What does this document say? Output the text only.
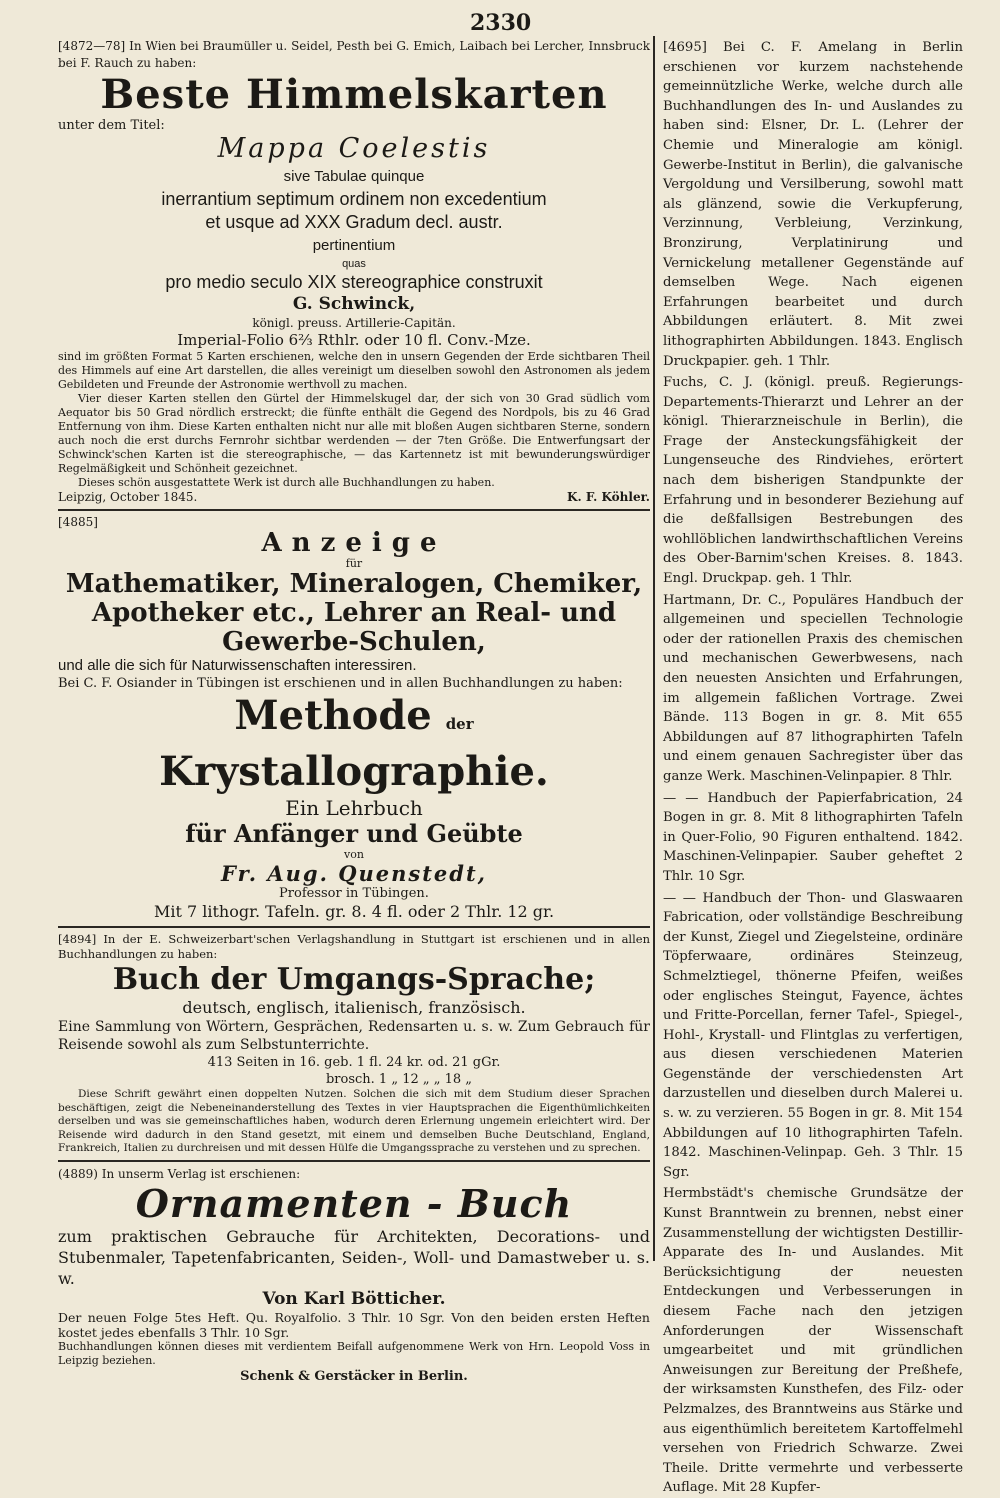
2330

[4872—78] In Wien bei Braumüller u. Seidel, Pesth bei G. Emich, Laibach bei Lercher, Innsbruck bei F. Rauch zu haben:

Beste Himmelskarten

unter dem Titel:

Mappa Coelestis
sive Tabulae quinque
inerrantium septimum ordinem non excedentium
et usque ad XXX Gradum decl. austr.
pertinentium
quas
pro medio seculo XIX stereographice construxit
G. Schwinck,
königl. preuss. Artillerie-Capitän.
Imperial-Folio 6⅔ Rthlr. oder 10 fl. Conv.-Mze.

sind im größten Format 5 Karten erschienen, welche den in unsern Gegenden der Erde sichtbaren Theil des Himmels auf eine Art darstellen, die alles vereinigt um dieselben sowohl den Astronomen als jedem Gebildeten und Freunde der Astronomie werthvoll zu machen.

Vier dieser Karten stellen den Gürtel der Himmelskugel dar, der sich von 30 Grad südlich vom Aequator bis 50 Grad nördlich erstreckt; die fünfte enthält die Gegend des Nordpols, bis zu 46 Grad Entfernung von ihm. Diese Karten enthalten nicht nur alle mit bloßen Augen sichtbaren Sterne, sondern auch noch die erst durchs Fernrohr sichtbar werdenden — der 7ten Größe. Die Entwerfungsart der Schwinck'schen Karten ist die stereographische, — das Kartennetz ist mit bewunderungswürdiger Regelmäßigkeit und Schönheit gezeichnet.

Dieses schön ausgestattete Werk ist durch alle Buchhandlungen zu haben.

Leipzig, October 1845.	K. F. Köhler.
[4885]
Anzeige
für
Mathematiker, Mineralogen, Chemiker,
Apotheker etc., Lehrer an Real- und
Gewerbe-Schulen,
und alle die sich für Naturwissenschaften interessiren.

Bei C. F. Osiander in Tübingen ist erschienen und in allen Buchhandlungen zu haben:

Methode der Krystallographie.
Ein Lehrbuch
für Anfänger und Geübte
von
Fr. Aug. Quenstedt,
Professor in Tübingen.
Mit 7 lithogr. Tafeln. gr. 8. 4 fl. oder 2 Thlr. 12 gr.

[4894] In der E. Schweizerbart'schen Verlagshandlung in Stuttgart ist erschienen und in allen Buchhandlungen zu haben:

Buch der Umgangs-Sprache;
deutsch, englisch, italienisch, französisch.

Eine Sammlung von Wörtern, Gesprächen, Redensarten u. s. w. Zum Gebrauch für Reisende sowohl als zum Selbstunterrichte.

413 Seiten in 16. geb. 1 fl. 24 kr. od. 21 gGr.
brosch. 1 „ 12 „ „ 18 „

Diese Schrift gewährt einen doppelten Nutzen. Solchen die sich mit dem Studium dieser Sprachen beschäftigen, zeigt die Nebeneinanderstellung des Textes in vier Hauptsprachen die Eigenthümlichkeiten derselben und was sie gemeinschaftliches haben, wodurch deren Erlernung ungemein erleichtert wird. Der Reisende wird dadurch in den Stand gesetzt, mit einem und demselben Buche Deutschland, England, Frankreich, Italien zu durchreisen und mit dessen Hülfe die Umgangssprache zu verstehen und zu sprechen.

(4889) In unserm Verlag ist erschienen:

Ornamenten - Buch

zum praktischen Gebrauche für Architekten, Decorations- und Stubenmaler, Tapetenfabricanten, Seiden-, Woll- und Damastweber u. s. w.

Von Karl Bötticher.

Der neuen Folge 5tes Heft. Qu. Royalfolio. 3 Thlr. 10 Sgr. Von den beiden ersten Heften kostet jedes ebenfalls 3 Thlr. 10 Sgr.

Buchhandlungen können dieses mit verdientem Beifall aufgenommene Werk von Hrn. Leopold Voss in Leipzig beziehen.

Schenk & Gerstäcker in Berlin.

[4695] Bei C. F. Amelang in Berlin erschienen vor kurzem nachstehende gemeinnützliche Werke, welche durch alle Buchhandlungen des In- und Auslandes zu haben sind: Elsner, Dr. L. (Lehrer der Chemie und Mineralogie am königl. Gewerbe-Institut in Berlin), die galvanische Vergoldung und Versilberung, sowohl matt als glänzend, sowie die Verkupferung, Verzinnung, Verbleiung, Verzinkung, Bronzirung, Verplatinirung und Vernickelung metallener Gegenstände auf demselben Wege. Nach eigenen Erfahrungen bearbeitet und durch Abbildungen erläutert. 8. Mit zwei lithographirten Abbildungen. 1843. Englisch Druckpapier. geh. 1 Thlr.

Fuchs, C. J. (königl. preuß. Regierungs-Departements-Thierarzt und Lehrer an der königl. Thierarzneischule in Berlin), die Frage der Ansteckungsfähigkeit der Lungenseuche des Rindviehes, erörtert nach dem bisherigen Standpunkte der Erfahrung und in besonderer Beziehung auf die deßfallsigen Bestrebungen des wohllöblichen landwirthschaftlichen Vereins des Ober-Barnim'schen Kreises. 8. 1843. Engl. Druckpap. geh. 1 Thlr.

Hartmann, Dr. C., Populäres Handbuch der allgemeinen und speciellen Technologie oder der rationellen Praxis des chemischen und mechanischen Gewerbwesens, nach den neuesten Ansichten und Erfahrungen, im allgemein faßlichen Vortrage. Zwei Bände. 113 Bogen in gr. 8. Mit 655 Abbildungen auf 87 lithographirten Tafeln und einem genauen Sachregister über das ganze Werk. Maschinen-Velinpapier. 8 Thlr.

— — Handbuch der Papierfabrication, 24 Bogen in gr. 8. Mit 8 lithographirten Tafeln in Quer-Folio, 90 Figuren enthaltend. 1842. Maschinen-Velinpapier. Sauber geheftet 2 Thlr. 10 Sgr.

— — Handbuch der Thon- und Glaswaaren Fabrication, oder vollständige Beschreibung der Kunst, Ziegel und Ziegelsteine, ordinäre Töpferwaare, ordinäres Steinzeug, Schmelztiegel, thönerne Pfeifen, weißes oder englisches Steingut, Fayence, ächtes und Fritte-Porcellan, ferner Tafel-, Spiegel-, Hohl-, Krystall- und Flintglas zu verfertigen, aus diesen verschiedenen Materien Gegenstände der verschiedensten Art darzustellen und dieselben durch Malerei u. s. w. zu verzieren. 55 Bogen in gr. 8. Mit 154 Abbildungen auf 10 lithographirten Tafeln. 1842. Maschinen-Velinpap. Geh. 3 Thlr. 15 Sgr.

Hermbstädt's chemische Grundsätze der Kunst Branntwein zu brennen, nebst einer Zusammenstellung der wichtigsten Destillir-Apparate des In- und Auslandes. Mit Berücksichtigung der neuesten Entdeckungen und Verbesserungen in diesem Fache nach den jetzigen Anforderungen der Wissenschaft umgearbeitet und mit gründlichen Anweisungen zur Bereitung der Preßhefe, der wirksamsten Kunsthefen, des Filz- oder Pelzmalzes, des Branntweins aus Stärke und aus eigenthümlich bereitetem Kartoffelmehl versehen von Friedrich Schwarze. Zwei Theile. Dritte vermehrte und verbesserte Auflage. Mit 28 Kupfer-
